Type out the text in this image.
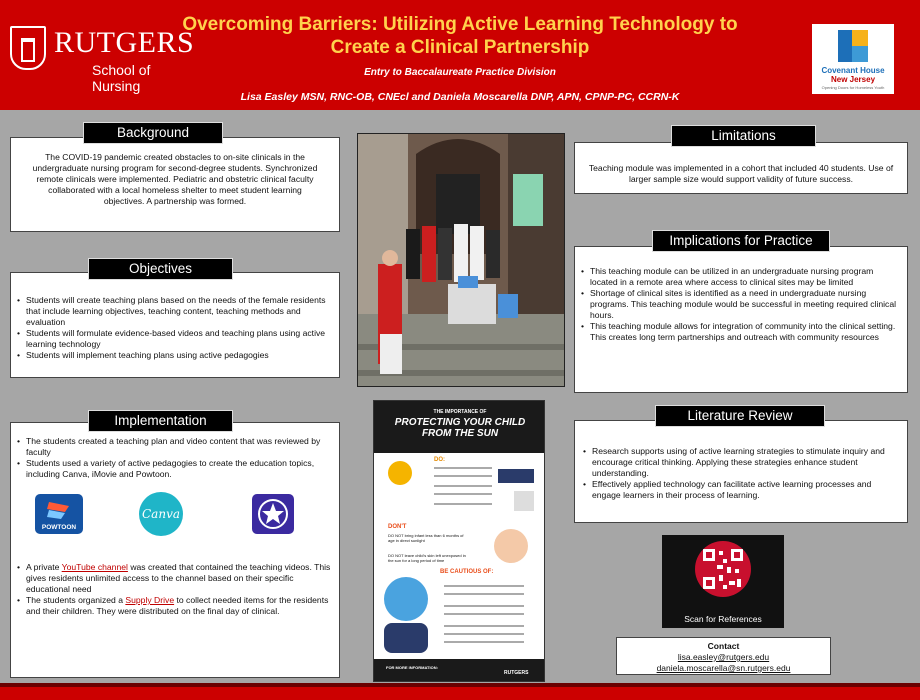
RUTGERS
School of Nursing
Overcoming Barriers: Utilizing Active Learning Technology to Create a Clinical Partnership
Entry to Baccalaureate Practice Division
Lisa Easley MSN, RNC-OB, CNEcl and Daniela Moscarella DNP, APN, CPNP-PC, CCRN-K
Covenant House
New Jersey
Opening Doors for Homeless Youth
The COVID-19 pandemic created obstacles to on-site clinicals in the undergraduate nursing program for second-degree students. Synchronized remote clinicals were implemented. Pediatric and obstetric clinical faculty collaborated with a local homeless shelter to meet student learning objectives. A partnership was formed.
Background
• Students will create teaching plans based on the needs of the female residents that include learning objectives, teaching content, teaching methods and evaluation
• Students will formulate evidence-based videos and teaching plans using active learning technology
• Students will implement teaching plans using active pedagogies
Objectives
• The students created a teaching plan and video content that was reviewed by faculty
• Students used a variety of active pedagogies to create the education topics, including Canva, iMovie and Powtoon.
POWTOON
Canva
• A private YouTube channel was created that contained the teaching videos. This gives residents unlimited access to the channel based on their specific educational need
• The students organized a Supply Drive to collect needed items for the residents and their children. They were distributed on the final day of clinical.
Implementation
THE IMPORTANCE OF
PROTECTING YOUR CHILD FROM THE SUN
DO:
DON'T
DO NOT bring infant less than 6 months of age in direct sunlight
DO NOT leave child's skin left unexposed in the sun for a long period of time
BE CAUTIOUS OF:
FOR MORE INFORMATION:
RUTGERS
Teaching module was implemented in a cohort that included 40 students. Use of larger sample size would support validity of future success.
Limitations
• This teaching module can be utilized in an undergraduate nursing program located in a remote area where access to clinical sites may be limited
• Shortage of clinical sites is identified as a need in undergraduate nursing programs. This teaching module would be successful in meeting required clinical hours.
• This teaching module allows for integration of community into the clinical setting. This creates long term partnerships and outreach with community resources
Implications for Practice
• Research supports using of active learning strategies to stimulate inquiry and encourage critical thinking. Applying these strategies enhance student understanding.
• Effectively applied technology can facilitate active learning processes and engage learners in their process of learning.
Literature Review
Scan for References
Contact
lisa.easley@rutgers.edu
daniela.moscarella@sn.rutgers.edu
